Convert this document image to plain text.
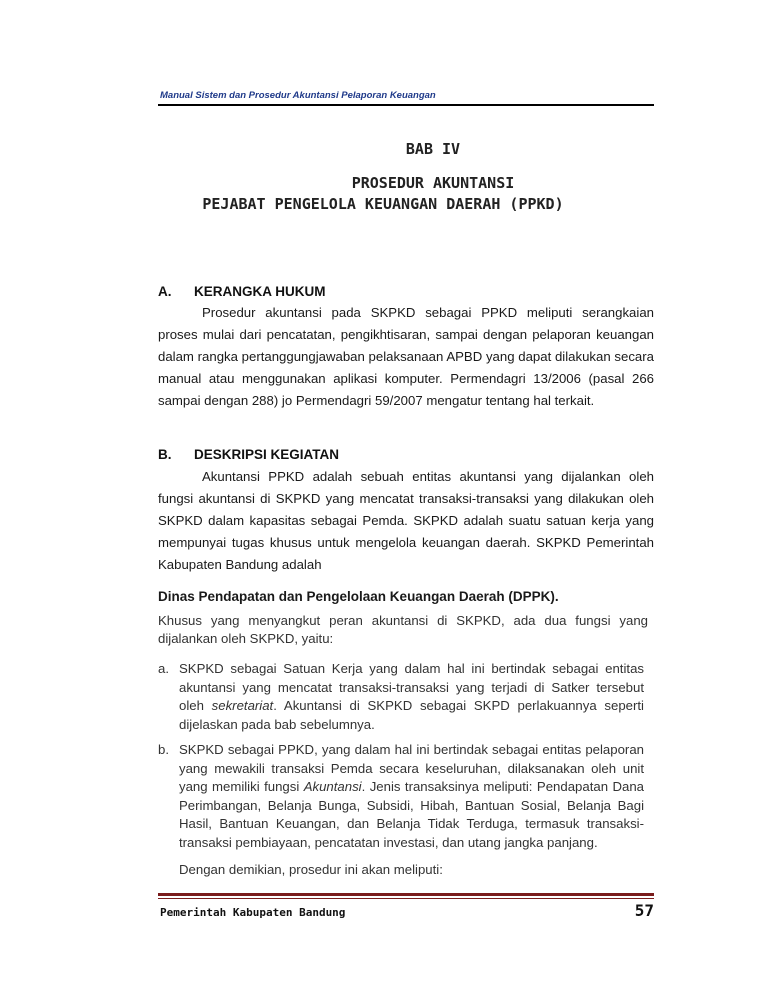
Manual Sistem dan Prosedur Akuntansi Pelaporan Keuangan
BAB IV
PROSEDUR AKUNTANSI
PEJABAT PENGELOLA KEUANGAN DAERAH (PPKD)
A. KERANGKA HUKUM
Prosedur akuntansi pada SKPKD sebagai PPKD meliputi serangkaian proses mulai dari pencatatan, pengikhtisaran, sampai dengan pelaporan keuangan dalam rangka pertanggungjawaban pelaksanaan APBD yang dapat dilakukan secara manual atau menggunakan aplikasi komputer. Permendagri 13/2006 (pasal 266 sampai dengan 288) jo Permendagri 59/2007 mengatur tentang hal terkait.
B. DESKRIPSI KEGIATAN
Akuntansi PPKD adalah sebuah entitas akuntansi yang dijalankan oleh fungsi akuntansi di SKPKD yang mencatat transaksi-transaksi yang dilakukan oleh SKPKD dalam kapasitas sebagai Pemda. SKPKD adalah suatu satuan kerja yang mempunyai tugas khusus untuk mengelola keuangan daerah. SKPKD Pemerintah Kabupaten Bandung adalah
Dinas Pendapatan dan Pengelolaan Keuangan Daerah (DPPK).
Khusus yang menyangkut peran akuntansi di SKPKD, ada dua fungsi yang dijalankan oleh SKPKD, yaitu:
a. SKPKD sebagai Satuan Kerja yang dalam hal ini bertindak sebagai entitas akuntansi yang mencatat transaksi-transaksi yang terjadi di Satker tersebut oleh sekretariat. Akuntansi di SKPKD sebagai SKPD perlakuannya seperti dijelaskan pada bab sebelumnya.
b. SKPKD sebagai PPKD, yang dalam hal ini bertindak sebagai entitas pelaporan yang mewakili transaksi Pemda secara keseluruhan, dilaksanakan oleh unit yang memiliki fungsi Akuntansi. Jenis transaksinya meliputi: Pendapatan Dana Perimbangan, Belanja Bunga, Subsidi, Hibah, Bantuan Sosial, Belanja Bagi Hasil, Bantuan Keuangan, dan Belanja Tidak Terduga, termasuk transaksi-transaksi pembiayaan, pencatatan investasi, dan utang jangka panjang.
Dengan demikian, prosedur ini akan meliputi:
Pemerintah Kabupaten Bandung	57
